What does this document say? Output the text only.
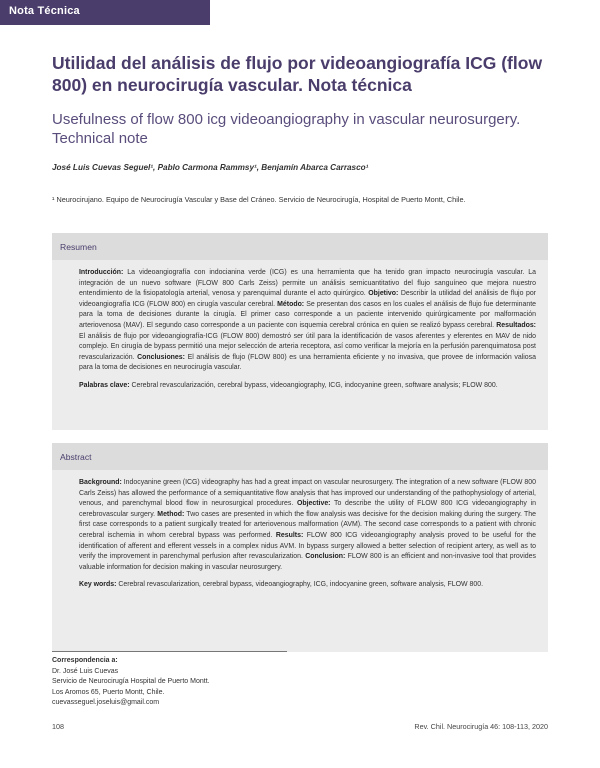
Nota Técnica
Utilidad del análisis de flujo por videoangiografía ICG (flow 800) en neurocirugía vascular. Nota técnica
Usefulness of flow 800 icg videoangiography in vascular neurosurgery. Technical note
José Luis Cuevas Seguel¹, Pablo Carmona Rammsy¹, Benjamín Abarca Carrasco¹
¹ Neurocirujano. Equipo de Neurocirugía Vascular y Base del Cráneo. Servicio de Neurocirugía, Hospital de Puerto Montt, Chile.
Resumen

Introducción: La videoangiografía con indocianina verde (ICG) es una herramienta que ha tenido gran impacto neurocirugía vascular. La integración de un nuevo software (FLOW 800 Carls Zeiss) permite un análisis semicuantitativo del flujo sanguíneo que mejora nuestro entendimiento de la fisiopatología arterial, venosa y parenquimal durante el acto quirúrgico. Objetivo: Describir la utilidad del análisis de flujo por videoangiografía ICG (FLOW 800) en cirugía vascular cerebral. Método: Se presentan dos casos en los cuales el análisis de flujo fue determinante para la toma de decisiones durante la cirugía. El primer caso corresponde a un paciente intervenido quirúrgicamente por malformación arteriovenosa (MAV). El segundo caso corresponde a un paciente con isquemia cerebral crónica en quien se realizó bypass cerebral. Resultados: El análisis de flujo por videoangiografía-ICG (FLOW 800) demostró ser útil para la identificación de vasos aferentes y eferentes en MAV de nido complejo. En cirugía de bypass permitió una mejor selección de arteria receptora, así como verificar la mejoría en la perfusión parenquimatosa post revascularización. Conclusiones: El análisis de flujo (FLOW 800) es una herramienta eficiente y no invasiva, que provee de información valiosa para la toma de decisiones en neurocirugía vascular.

Palabras clave: Cerebral revascularización, cerebral bypass, videoangiography, ICG, indocyanine green, software analysis; FLOW 800.

Abstract

Background: Indocyanine green (ICG) videography has had a great impact on vascular neurosurgery. The integration of a new software (FLOW 800 Carls Zeiss) has allowed the performance of a semiquantitative flow analysis that has improved our understanding of the pathophysiology of arterial, venous, and parenchymal blood flow in neurosurgical procedures. Objective: To describe the utility of FLOW 800 ICG videoangiography in cerebrovascular surgery. Method: Two cases are presented in which the flow analysis was decisive for the decision making during the surgery. The first case corresponds to a patient surgically treated for arteriovenous malformation (AVM). The second case corresponds to a patient with chronic cerebral ischemia in whom cerebral bypass was performed. Results: FLOW 800 ICG videoangiography analysis proved to be useful for the identification of afferent and efferent vessels in a complex nidus AVM. In bypass surgery allowed a better selection of recipient artery, as well as to verify the improvement in parenchymal perfusion after revascularization. Conclusion: FLOW 800 is an efficient and non-invasive tool that provides valuable information for decision making in vascular neurosurgery.

Key words: Cerebral revascularization, cerebral bypass, videoangiography, ICG, indocyanine green, software analysis, FLOW 800.

Correspondencia a:
Dr. José Luis Cuevas
Servicio de Neurocirugía Hospital de Puerto Montt.
Los Aromos 65, Puerto Montt, Chile.
cuevasseguel.joseluis@gmail.com
108	Rev. Chil. Neurocirugía 46: 108-113, 2020
